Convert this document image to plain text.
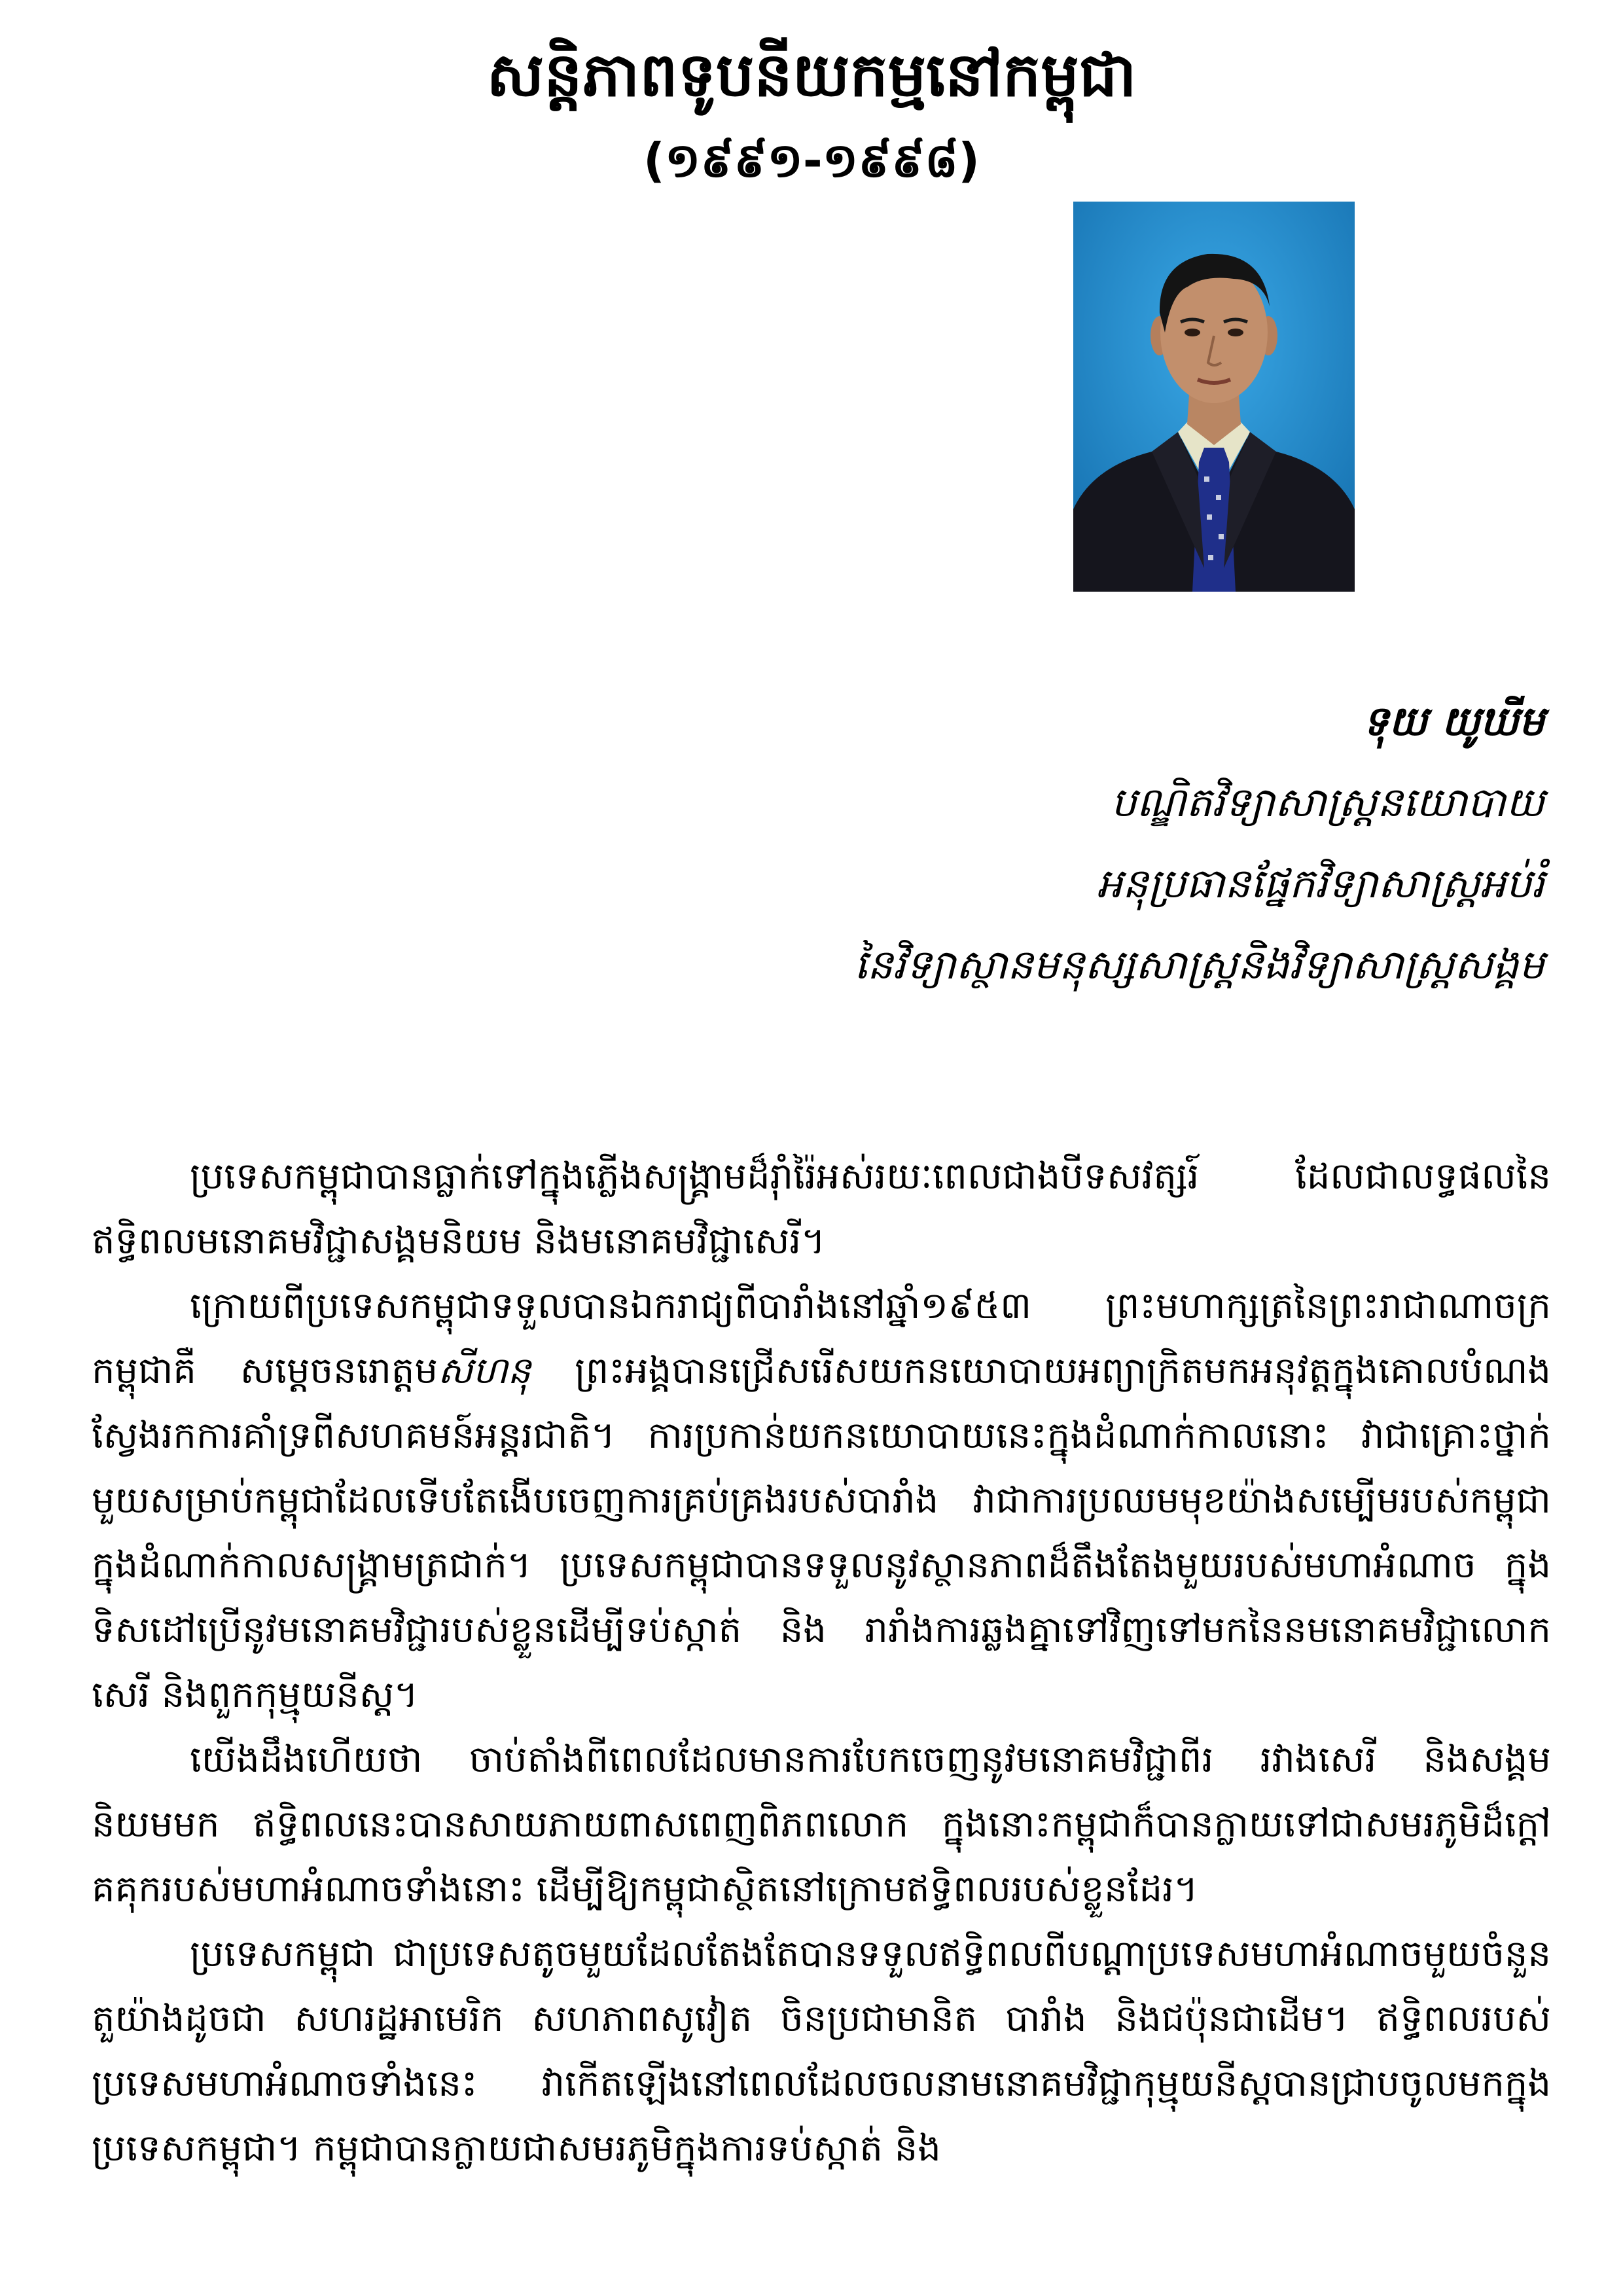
សន្តិភាពទូបនីយកម្មនៅកម្ពុជា
(១៩៩១-១៩៩៨)
ទុយ យូឃីម
បណ្ឌិតវិទ្យាសាស្ត្រនយោបាយ
អនុប្រធានផ្នែកវិទ្យាសាស្ត្រអប់រំ
នៃវិទ្យាស្ថានមនុស្សសាស្ត្រនិងវិទ្យាសាស្ត្រសង្គម

ប្រទេសកម្ពុជាបានធ្លាក់ទៅក្នុងភ្លើងសង្គ្រាមដ៏រ៉ាំរ៉ៃអស់រយៈពេលជាងបីទសវត្សរ៍ ដែលជាលទ្ធផលនៃឥទ្ធិពលមនោគមវិជ្ជាសង្គមនិយម និងមនោគមវិជ្ជាសេរី។

ក្រោយពីប្រទេសកម្ពុជាទទួលបានឯករាជ្យពីបារាំងនៅឆ្នាំ១៩៥៣ ព្រះមហាក្សត្រនៃព្រះរាជាណាចក្រកម្ពុជាគឺ សម្តេចនរោត្តមសីហនុ ព្រះអង្គបានជ្រើសរើសយកនយោបាយអព្យាក្រិតមកអនុវត្តក្នុងគោលបំណងស្វែងរកការគាំទ្រពីសហគមន៍អន្តរជាតិ។ ការប្រកាន់យកនយោបាយនេះក្នុងដំណាក់កាលនោះ វាជាគ្រោះថ្នាក់មួយសម្រាប់កម្ពុជាដែលទើបតែងើបចេញការគ្រប់គ្រងរបស់បារាំង វាជាការប្រឈមមុខយ៉ាងសម្បើមរបស់កម្ពុជាក្នុងដំណាក់កាលសង្គ្រាមត្រជាក់។ ប្រទេសកម្ពុជាបានទទួលនូវស្ថានភាពដ៏តឹងតែងមួយរបស់មហាអំណាច ក្នុងទិសដៅប្រើនូវមនោគមវិជ្ជារបស់ខ្លួនដើម្បីទប់ស្កាត់ និង រារាំងការឆ្លងគ្នាទៅវិញទៅមកនៃនមនោគមវិជ្ជាលោកសេរី និងពួកកុម្មុយនីស្ត។

យើងដឹងហើយថា ចាប់តាំងពីពេលដែលមានការបែកចេញនូវមនោគមវិជ្ជាពីរ រវាងសេរី និងសង្គមនិយមមក ឥទ្ធិពលនេះបានសាយភាយពាសពេញពិភពលោក ក្នុងនោះកម្ពុជាក៏បានក្លាយទៅជាសមរភូមិដ៏ក្តៅគគុករបស់មហាអំណាចទាំងនោះ ដើម្បីឱ្យកម្ពុជាស្ថិតនៅក្រោមឥទ្ធិពលរបស់ខ្លួនដែរ។

ប្រទេសកម្ពុជា ជាប្រទេសតូចមួយដែលតែងតែបានទទួលឥទ្ធិពលពីបណ្តាប្រទេសមហាអំណាចមួយចំនួនតួយ៉ាងដូចជា សហរដ្ឋអាមេរិក សហភាពសូវៀត ចិនប្រជាមានិត បារាំង និងជប៉ុនជាដើម។ ឥទ្ធិពលរបស់ប្រទេសមហាអំណាចទាំងនេះ វាកើតឡើងនៅពេលដែលចលនាមនោគមវិជ្ជាកុម្មុយនីស្តបានជ្រាបចូលមកក្នុងប្រទេសកម្ពុជា។ កម្ពុជាបានក្លាយជាសមរភូមិក្នុងការទប់ស្កាត់ និង
